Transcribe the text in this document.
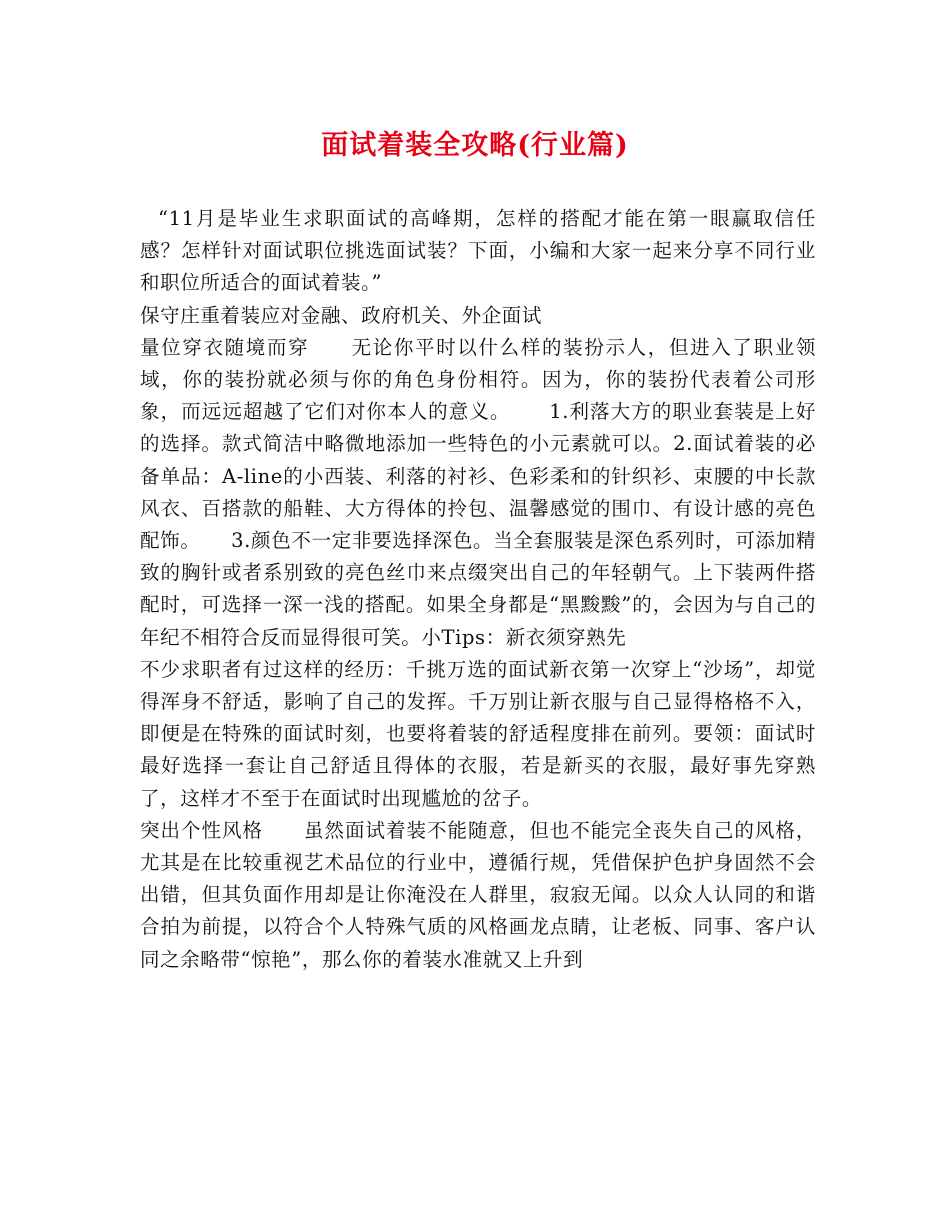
面试着装全攻略(行业篇)

“11月是毕业生求职面试的高峰期，怎样的搭配才能在第一眼赢取信任感？怎样针对面试职位挑选面试装？下面，小编和大家一起来分享不同行业和职位所适合的面试着装。”

保守庄重着装应对金融、政府机关、外企面试

量位穿衣随境而穿　　无论你平时以什么样的装扮示人，但进入了职业领域，你的装扮就必须与你的角色身份相符。因为，你的装扮代表着公司形象，而远远超越了它们对你本人的意义。　　 1.利落大方的职业套装是上好的选择。款式简洁中略微地添加一些特色的小元素就可以。2.面试着装的必备单品：A-line的小西装、利落的衬衫、色彩柔和的针织衫、束腰的中长款风衣、百搭款的船鞋、大方得体的拎包、温馨感觉的围巾、有设计感的亮色配饰。　　3.颜色不一定非要选择深色。当全套服装是深色系列时，可添加精致的胸针或者系别致的亮色丝巾来点缀突出自己的年轻朝气。上下装两件搭配时，可选择一深一浅的搭配。如果全身都是“黑黢黢”的，会因为与自己的年纪不相符合反而显得很可笑。小Tips：新衣须穿熟先

不少求职者有过这样的经历：千挑万选的面试新衣第一次穿上“沙场”，却觉得浑身不舒适，影响了自己的发挥。千万别让新衣服与自己显得格格不入，即便是在特殊的面试时刻，也要将着装的舒适程度排在前列。要领：面试时最好选择一套让自己舒适且得体的衣服，若是新买的衣服，最好事先穿熟了，这样才不至于在面试时出现尴尬的岔子。

突出个性风格　　虽然面试着装不能随意，但也不能完全丧失自己的风格，尤其是在比较重视艺术品位的行业中，遵循行规，凭借保护色护身固然不会出错，但其负面作用却是让你淹没在人群里，寂寂无闻。以众人认同的和谐合拍为前提，以符合个人特殊气质的风格画龙点睛，让老板、同事、客户认同之余略带“惊艳”，那么你的着装水准就又上升到
